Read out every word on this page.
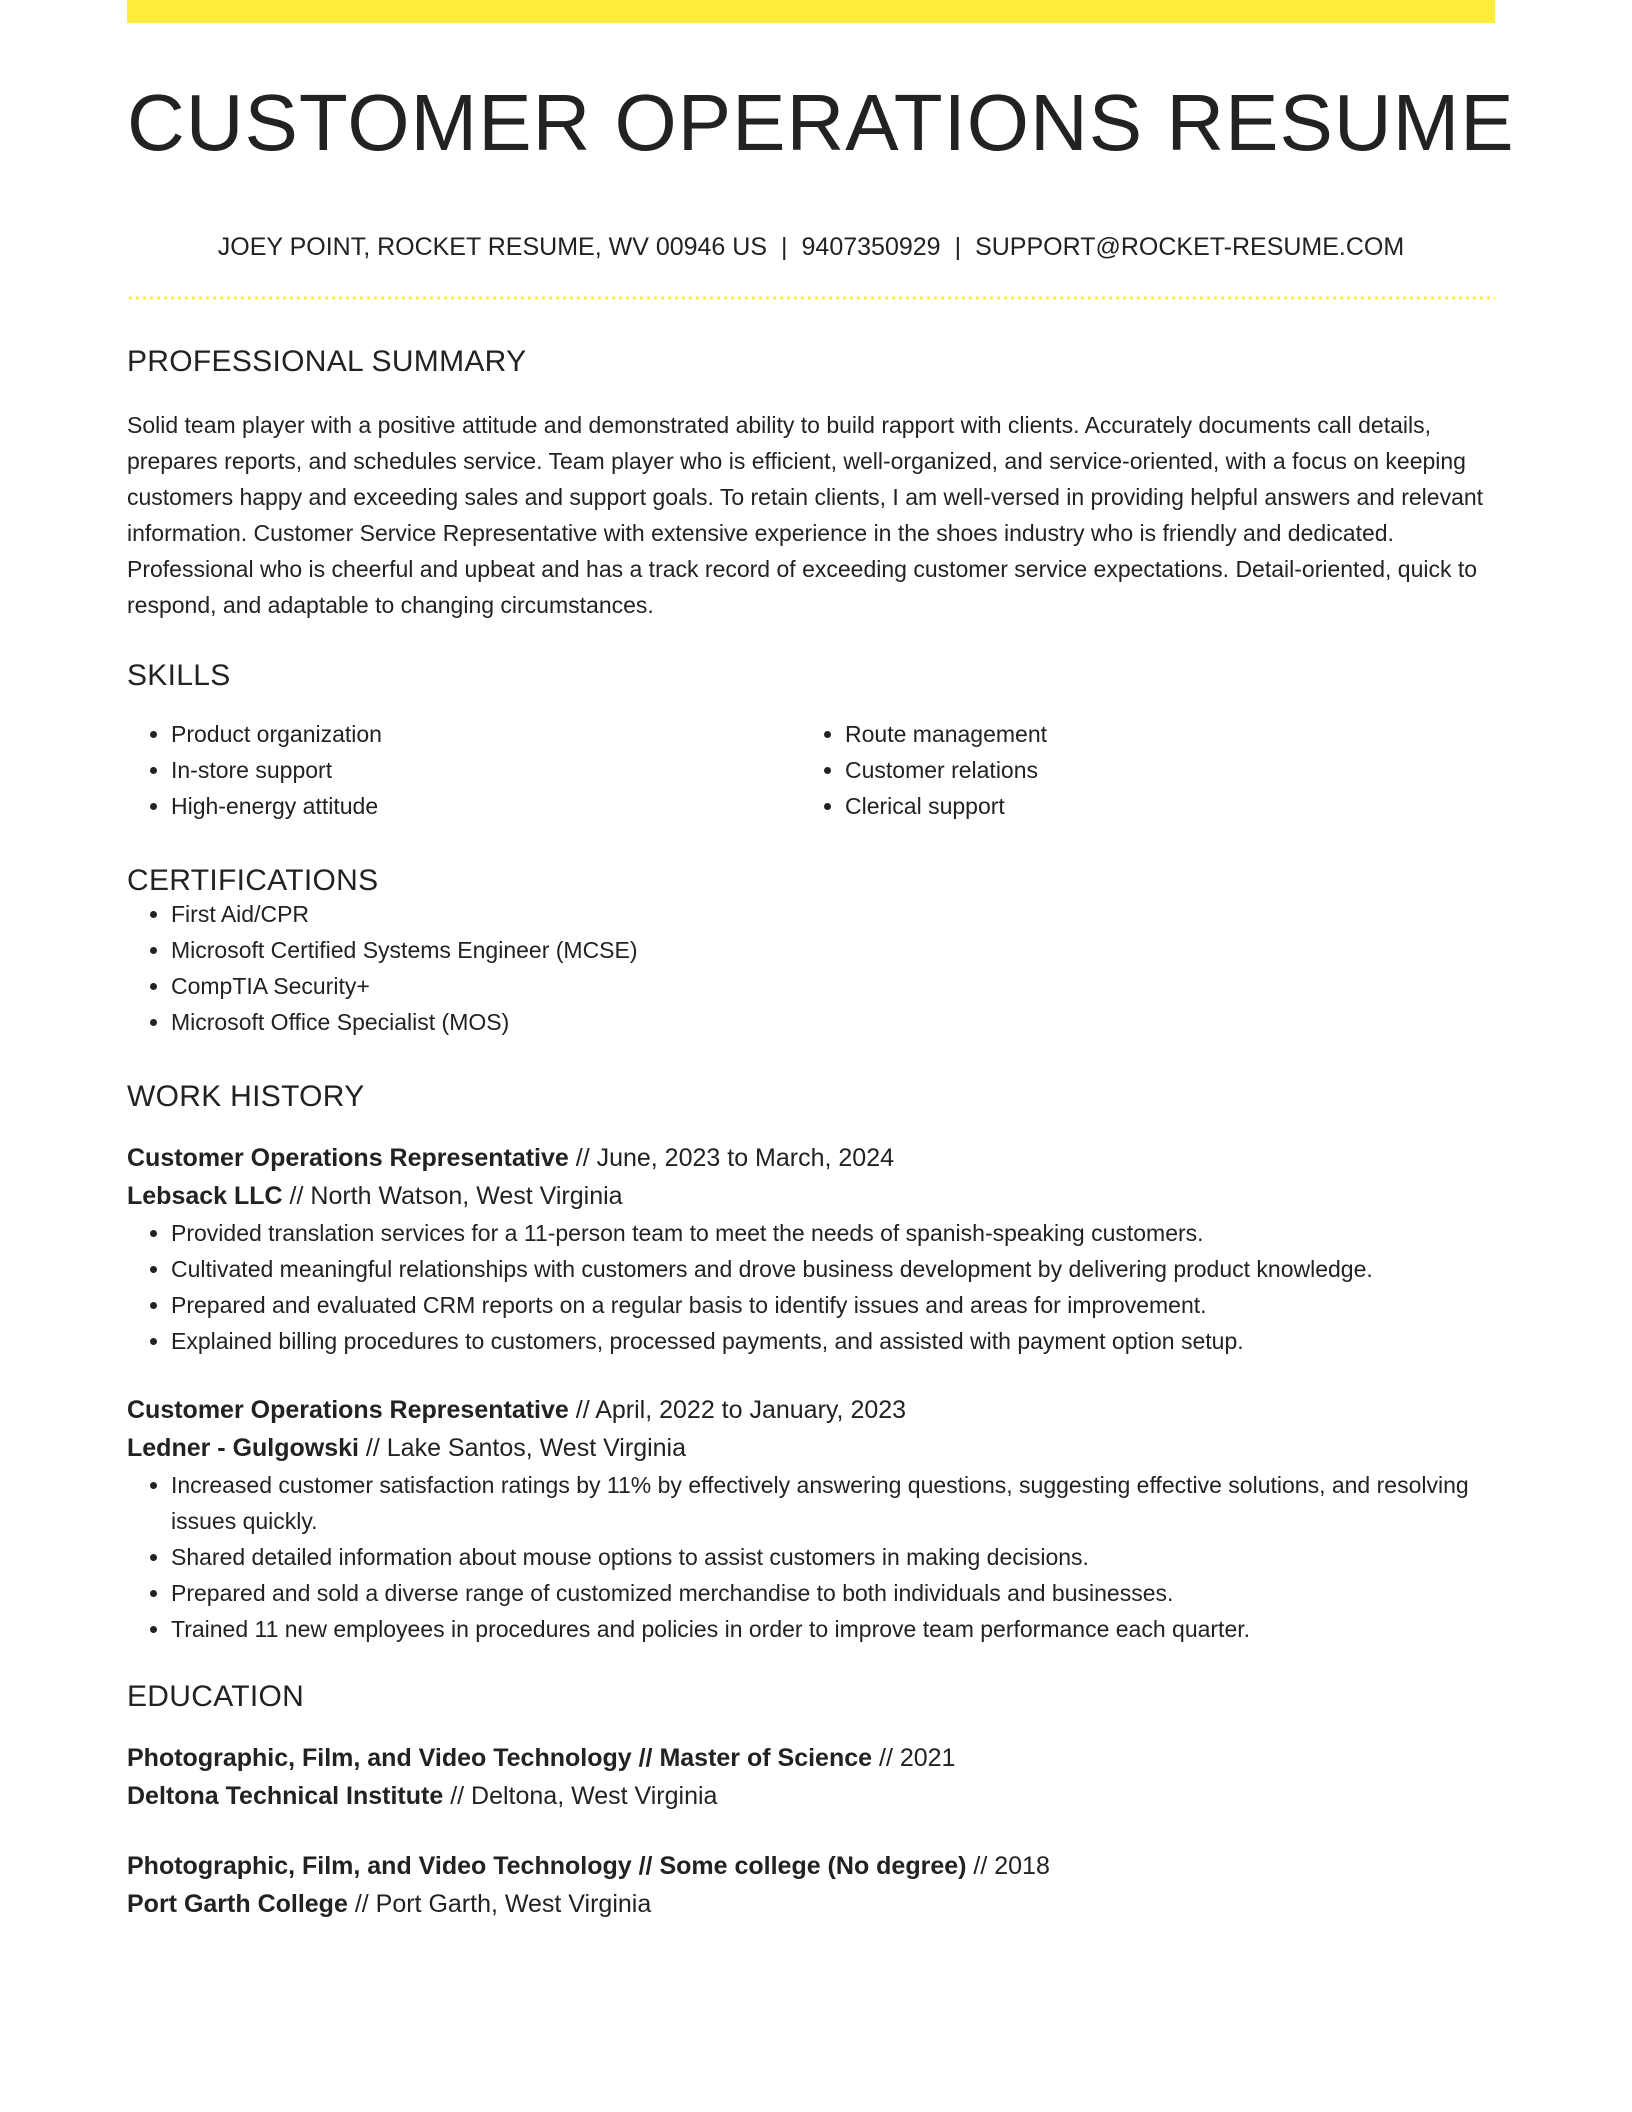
CUSTOMER OPERATIONS RESUME
JOEY POINT, ROCKET RESUME, WV 00946 US | 9407350929 | SUPPORT@ROCKET-RESUME.COM
PROFESSIONAL SUMMARY

Solid team player with a positive attitude and demonstrated ability to build rapport with clients. Accurately documents call details, prepares reports, and schedules service. Team player who is efficient, well-organized, and service-oriented, with a focus on keeping customers happy and exceeding sales and support goals. To retain clients, I am well-versed in providing helpful answers and relevant information. Customer Service Representative with extensive experience in the shoes industry who is friendly and dedicated. Professional who is cheerful and upbeat and has a track record of exceeding customer service expectations. Detail-oriented, quick to respond, and adaptable to changing circumstances.

SKILLS
• Product organization
• In-store support
• High-energy attitude
• Route management
• Customer relations
• Clerical support
CERTIFICATIONS
• First Aid/CPR
• Microsoft Certified Systems Engineer (MCSE)
• CompTIA Security+
• Microsoft Office Specialist (MOS)
WORK HISTORY
Customer Operations Representative // June, 2023 to March, 2024
Lebsack LLC // North Watson, West Virginia
• Provided translation services for a 11-person team to meet the needs of spanish-speaking customers.
• Cultivated meaningful relationships with customers and drove business development by delivering product knowledge.
• Prepared and evaluated CRM reports on a regular basis to identify issues and areas for improvement.
• Explained billing procedures to customers, processed payments, and assisted with payment option setup.
Customer Operations Representative // April, 2022 to January, 2023
Ledner - Gulgowski // Lake Santos, West Virginia
• Increased customer satisfaction ratings by 11% by effectively answering questions, suggesting effective solutions, and resolving issues quickly.
• Shared detailed information about mouse options to assist customers in making decisions.
• Prepared and sold a diverse range of customized merchandise to both individuals and businesses.
• Trained 11 new employees in procedures and policies in order to improve team performance each quarter.
EDUCATION
Photographic, Film, and Video Technology // Master of Science // 2021
Deltona Technical Institute // Deltona, West Virginia
Photographic, Film, and Video Technology // Some college (No degree) // 2018
Port Garth College // Port Garth, West Virginia
